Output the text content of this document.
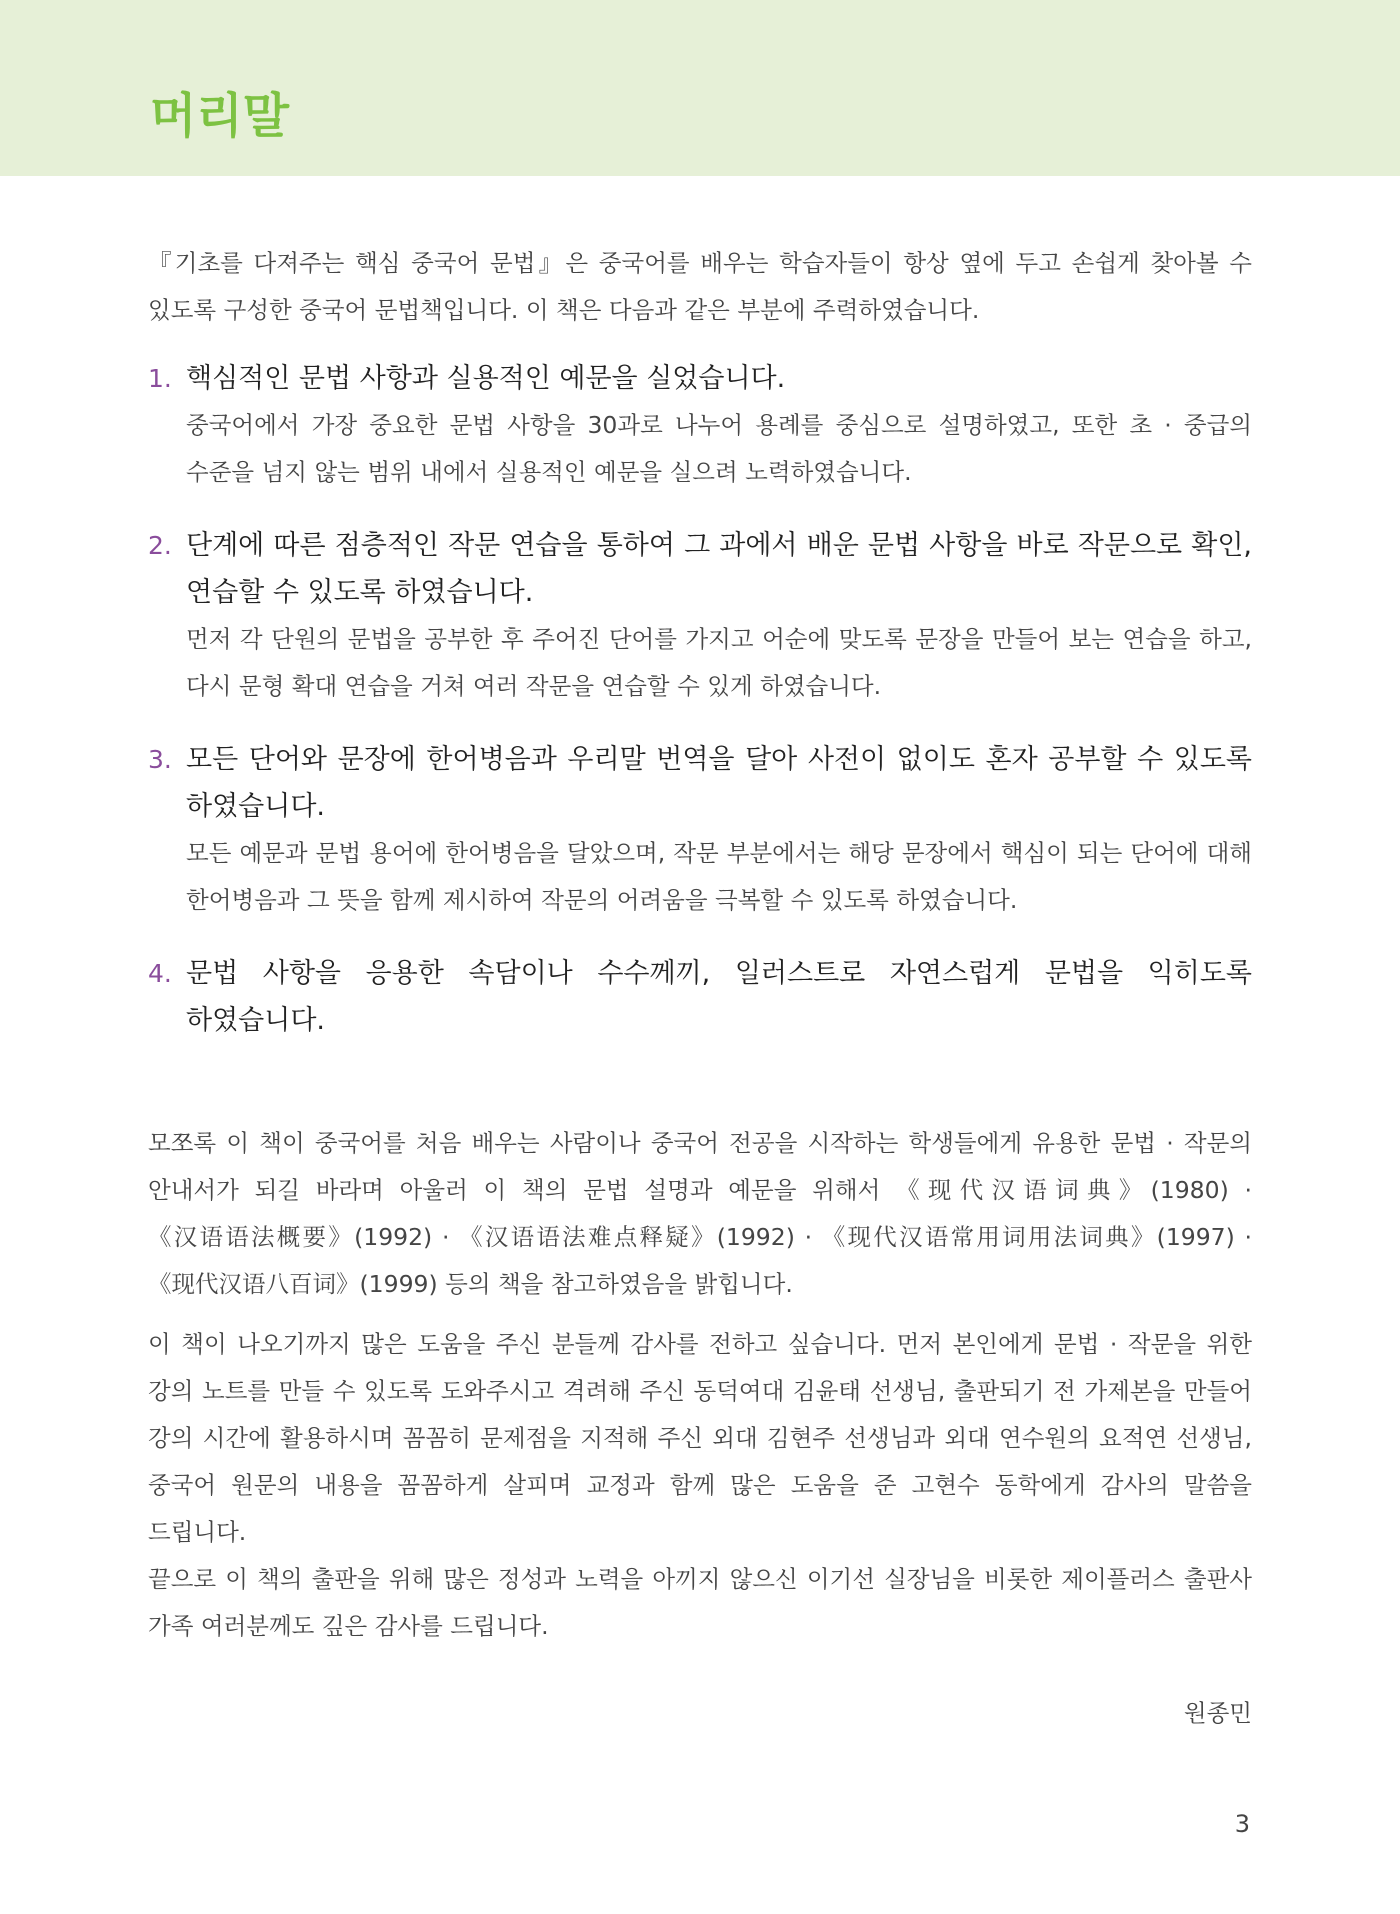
머리말

『기초를 다져주는 핵심 중국어 문법』은 중국어를 배우는 학습자들이 항상 옆에 두고 손쉽게 찾아볼 수 있도록 구성한 중국어 문법책입니다. 이 책은 다음과 같은 부분에 주력하였습니다.

1. 핵심적인 문법 사항과 실용적인 예문을 실었습니다.

중국어에서 가장 중요한 문법 사항을 30과로 나누어 용례를 중심으로 설명하였고, 또한 초 · 중급의 수준을 넘지 않는 범위 내에서 실용적인 예문을 실으려 노력하였습니다.

2. 단계에 따른 점층적인 작문 연습을 통하여 그 과에서 배운 문법 사항을 바로 작문으로 확인, 연습할 수 있도록 하였습니다.

먼저 각 단원의 문법을 공부한 후 주어진 단어를 가지고 어순에 맞도록 문장을 만들어 보는 연습을 하고, 다시 문형 확대 연습을 거쳐 여러 작문을 연습할 수 있게 하였습니다.

3. 모든 단어와 문장에 한어병음과 우리말 번역을 달아 사전이 없이도 혼자 공부할 수 있도록 하였습니다.

모든 예문과 문법 용어에 한어병음을 달았으며, 작문 부분에서는 해당 문장에서 핵심이 되는 단어에 대해 한어병음과 그 뜻을 함께 제시하여 작문의 어려움을 극복할 수 있도록 하였습니다.

4. 문법 사항을 응용한 속담이나 수수께끼, 일러스트로 자연스럽게 문법을 익히도록 하였습니다.

모쪼록 이 책이 중국어를 처음 배우는 사람이나 중국어 전공을 시작하는 학생들에게 유용한 문법 · 작문의 안내서가 되길 바라며 아울러 이 책의 문법 설명과 예문을 위해서 《现代汉语词典》(1980) · 《汉语语法概要》(1992) · 《汉语语法难点释疑》(1992) · 《现代汉语常用词用法词典》(1997) · 《现代汉语八百词》(1999) 등의 책을 참고하였음을 밝힙니다.

이 책이 나오기까지 많은 도움을 주신 분들께 감사를 전하고 싶습니다. 먼저 본인에게 문법 · 작문을 위한 강의 노트를 만들 수 있도록 도와주시고 격려해 주신 동덕여대 김윤태 선생님, 출판되기 전 가제본을 만들어 강의 시간에 활용하시며 꼼꼼히 문제점을 지적해 주신 외대 김현주 선생님과 외대 연수원의 요적연 선생님, 중국어 원문의 내용을 꼼꼼하게 살피며 교정과 함께 많은 도움을 준 고현수 동학에게 감사의 말씀을 드립니다.

끝으로 이 책의 출판을 위해 많은 정성과 노력을 아끼지 않으신 이기선 실장님을 비롯한 제이플러스 출판사 가족 여러분께도 깊은 감사를 드립니다.

원종민

3
